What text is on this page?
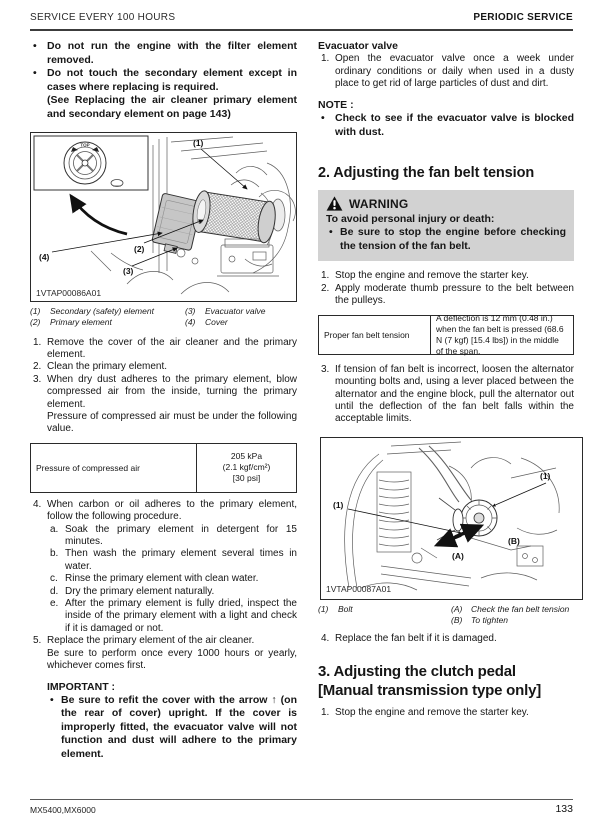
SERVICE EVERY 100 HOURS	PERIODIC SERVICE
• Do not run the engine with the filter element removed.
• Do not touch the secondary element except in cases where replacing is required.
(See Replacing the air cleaner primary element and secondary element on page 143)
TOP	(1)
(2)
(3)
(4)
1VTAP00086A01
(1)	Secondary (safety) element
(2)	Primary element
(3)	Evacuator valve
(4)	Cover
1. Remove the cover of the air cleaner and the primary element.
2. Clean the primary element.
3. When dry dust adheres to the primary element, blow compressed air from the inside, turning the primary element.
Pressure of compressed air must be under the following value.
Pressure of compressed air
205 kPa
(2.1 kgf/cm²)
[30 psi]
4. When carbon or oil adheres to the primary element, follow the following procedure.
a. Soak the primary element in detergent for 15 minutes.
b. Then wash the primary element several times in water.
c. Rinse the primary element with clean water.
d. Dry the primary element naturally.
e. After the primary element is fully dried, inspect the inside of the primary element with a light and check if it is damaged or not.
5. Replace the primary element of the air cleaner.
Be sure to perform once every 1000 hours or yearly, whichever comes first.
IMPORTANT :
• Be sure to refit the cover with the arrow ↑ (on the rear of cover) upright. If the cover is improperly fitted, the evacuator valve will not function and dust will adhere to the primary element.
Evacuator valve
1. Open the evacuator valve once a week under ordinary conditions or daily when used in a dusty place to get rid of large particles of dust and dirt.
NOTE :
• Check to see if the evacuator valve is blocked with dust.
2. Adjusting the fan belt tension
WARNING
To avoid personal injury or death:
• Be sure to stop the engine before checking the tension of the fan belt.
1. Stop the engine and remove the starter key.
2. Apply moderate thumb pressure to the belt between the pulleys.
Proper fan belt tension
A deflection is 12 mm (0.48 in.) when the fan belt is pressed (68.6 N (7 kgf) [15.4 lbs]) in the middle of the span.
3. If tension of fan belt is incorrect, loosen the alternator mounting bolts and, using a lever placed between the alternator and the engine block, pull the alternator out until the deflection of the fan belt falls within the acceptable limits.
(1)
(1)
(A)
(B)
1VTAP00087A01
(1)	Bolt	(A)	Check the fan belt tension
(B)	To tighten
4. Replace the fan belt if it is damaged.
3. Adjusting the clutch pedal
[Manual transmission type only]
1. Stop the engine and remove the starter key.
MX5400,MX6000	133
